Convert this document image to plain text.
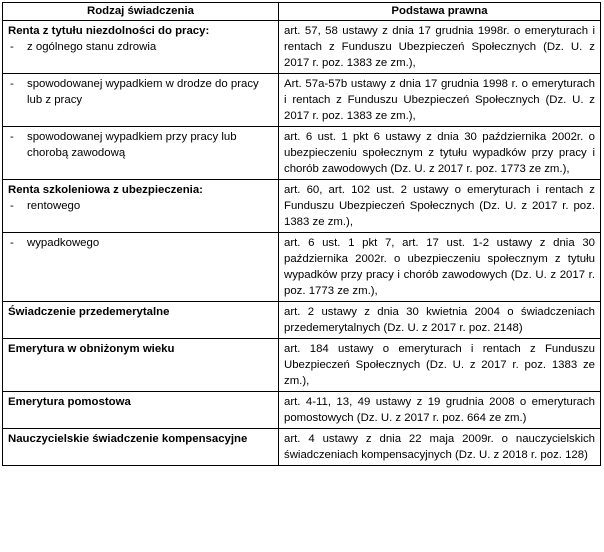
Rodzaj świadczenia	Podstawa prawna

Renta z tytułu niezdolności do pracy:
- z ogólnego stanu zdrowia	art. 57, 58 ustawy z dnia 17 grudnia 1998r. o emeryturach i rentach z Funduszu Ubezpieczeń Społecznych (Dz. U. z 2017 r. poz. 1383 ze zm.),

- spowodowanej wypadkiem w drodze do pracy lub z pracy	Art. 57a-57b ustawy z dnia 17 grudnia 1998 r. o emeryturach i rentach z Funduszu Ubezpieczeń Społecznych (Dz. U. z 2017 r. poz. 1383 ze zm.),

- spowodowanej wypadkiem przy pracy lub chorobą zawodową	art. 6 ust. 1 pkt 6 ustawy z dnia 30 października 2002r. o ubezpieczeniu społecznym z tytułu wypadków przy pracy i chorób zawodowych (Dz. U. z 2017 r. poz. 1773 ze zm.),

Renta szkoleniowa z ubezpieczenia:
- rentowego	art. 60, art. 102 ust. 2 ustawy o emeryturach i rentach z Funduszu Ubezpieczeń Społecznych (Dz. U. z 2017 r. poz. 1383 ze zm.),

- wypadkowego	art. 6 ust. 1 pkt 7, art. 17 ust. 1-2 ustawy z dnia 30 października 2002r. o ubezpieczeniu społecznym z tytułu wypadków przy pracy i chorób zawodowych (Dz. U. z 2017 r. poz. 1773 ze zm.),

Świadczenie przedemerytalne	art. 2 ustawy z dnia 30 kwietnia 2004 o świadczeniach przedemerytalnych (Dz. U. z 2017 r. poz. 2148)

Emerytura w obniżonym wieku	art. 184 ustawy o emeryturach i rentach z Funduszu Ubezpieczeń Społecznych (Dz. U. z 2017 r. poz. 1383 ze zm.),

Emerytura pomostowa	art. 4-11, 13, 49 ustawy z 19 grudnia 2008 o emeryturach pomostowych (Dz. U. z 2017 r. poz. 664 ze zm.)

Nauczycielskie świadczenie kompensacyjne	art. 4 ustawy z dnia 22 maja 2009r. o nauczycielskich świadczeniach kompensacyjnych (Dz. U. z 2018 r. poz. 128)
